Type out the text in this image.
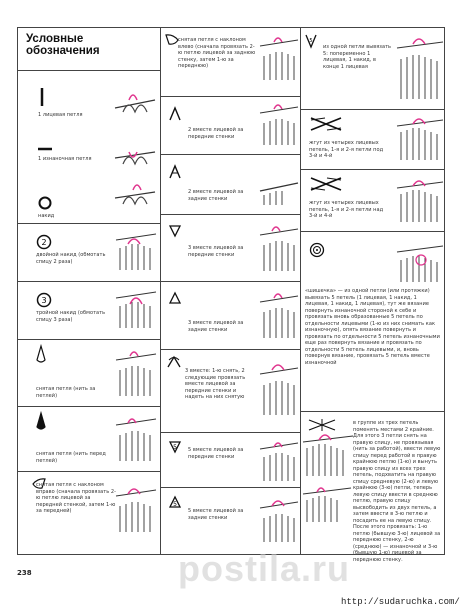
Условные обозначения
1 лицевая петля
1 изнаночная петля
накид
2
двойной накид (обмотать спицу 2 раза)
3
тройной накид (обмотать спицу 3 раза)
снятая петля (нить за петлей)
снятая петля (нить перед петлей)
снятая петля с наклоном вправо (сначала провязать 2-ю петлю лицевой за передней стенкой, затем 1-ю за передней)
снятая петля с наклоном влево (сначала провязать 2-ю петлю лицевой за заднюю стенку, затем 1-ю за переднюю)
2 вместе лицевой за передние стенки
2 вместе лицевой за задние стенки
3 вместе лицевой за передние стенки
3 вместе лицевой за задние стенки
3 вместе: 1-ю снять, 2 следующие провязать вместе лицевой за передние стенки и надеть на них снятую
5 5 вместе лицевой за передние стенки
5
5 вместе лицевой за задние стенки
5
из одной петли вывязать 5: попеременно 1 лицевая, 1 накид, в конце 1 лицевая
жгут из четырех лицевых петель, 1-я и 2-я петли под 3-й и 4-й
жгут из четырех лицевых петель, 1-я и 2-я петли над 3-й и 4-й
«шишечка» — из одной петли (или протяжки) вывязать 5 петель (1 лицевая, 1 накид, 1 лицевая, 1 накид, 1 лицевая), тут же вязание повернуть изнаночной стороной к себе и провязать вновь образованные 5 петель по отдельности лицевыми (1-ю из них снимать как изнаночную), опять вязание повернуть и провязать по отдельности 5 петель изнаночными еще раз повернуть вязание и провязать по отдельности 5 петель лицевыми, и, вновь повернув вязание, провязать 5 петель вместе изнаночной
в группе из трех петель поменять местами 2 крайние. Для этого 3 петли снять на правую спицу, не провязывая (нить за работой), ввести левую спицу перед работой в правую крайнюю петлю (1-ю) и вынуть правую спицу из всех трех петель, подхватить на правую спицу средневую (2-ю) и левую крайнюю (3-ю) петли, теперь левую спицу ввести в среднюю петлю, правую спицу высвободить из двух петель, а затем ввести в 3-ю петлю и посадить ее на левую спицу. После этого провязать: 1-ю петлю (бывшую 3-ю) лицевой за переднюю стенку, 2-ю (среднюю) — изнаночной и 3-ю (бывшую 1-ю) лицевой за переднюю стенку.
238	postila.ru
http://sudaruchka.com/
